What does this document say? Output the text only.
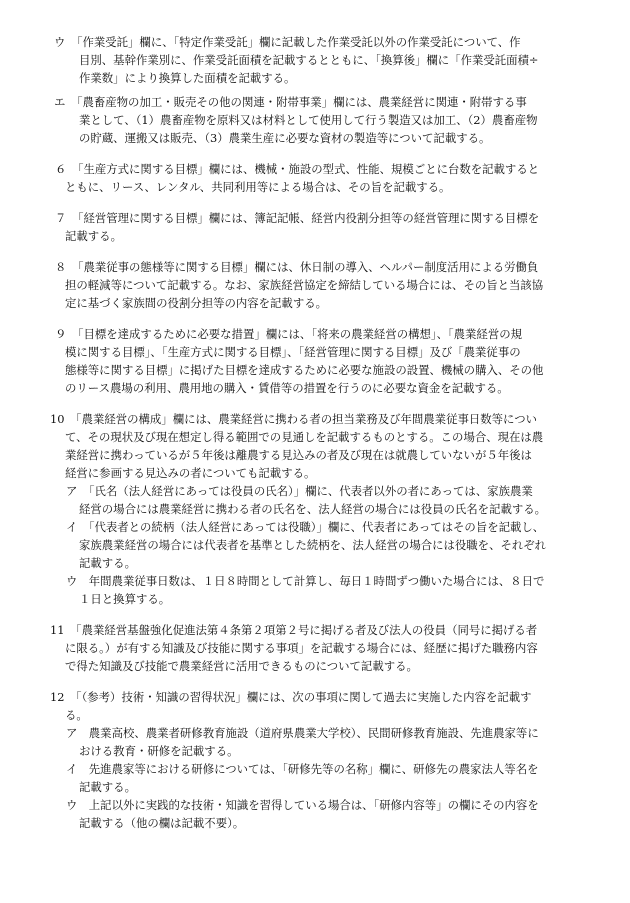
ウ　「作業受託」欄に、「特定作業受託」欄に記載した作業受託以外の作業受託について、作
目別、基幹作業別に、作業受託面積を記載するとともに、「換算後」欄に「作業受託面積÷
作業数」により換算した面積を記載する。
エ　「農畜産物の加工・販売その他の関連・附帯事業」欄には、農業経営に関連・附帯する事
業として、（1）農畜産物を原料又は材料として使用して行う製造又は加工、（2）農畜産物
の貯蔵、運搬又は販売、（3）農業生産に必要な資材の製造等について記載する。
６　「生産方式に関する目標」欄には、機械・施設の型式、性能、規模ごとに台数を記載すると
ともに、リース、レンタル、共同利用等による場合は、その旨を記載する。
７　「経営管理に関する目標」欄には、簿記記帳、経営内役割分担等の経営管理に関する目標を
記載する。
８　「農業従事の態様等に関する目標」欄には、休日制の導入、ヘルパー制度活用による労働負
担の軽減等について記載する。なお、家族経営協定を締結している場合には、その旨と当該協
定に基づく家族間の役割分担等の内容を記載する。
９　「目標を達成するために必要な措置」欄には、「将来の農業経営の構想」、「農業経営の規
模に関する目標」、「生産方式に関する目標」、「経営管理に関する目標」及び「農業従事の
態様等に関する目標」に掲げた目標を達成するために必要な施設の設置、機械の購入、その他
のリース農場の利用、農用地の購入・賃借等の措置を行うのに必要な資金を記載する。
10　「農業経営の構成」欄には、農業経営に携わる者の担当業務及び年間農業従事日数等につい
て、その現状及び現在想定し得る範囲での見通しを記載するものとする。この場合、現在は農
業経営に携わっているが５年後は離農する見込みの者及び現在は就農していないが５年後は
経営に参画する見込みの者についても記載する。
ア　「氏名（法人経営にあっては役員の氏名）」欄に、代表者以外の者にあっては、家族農業
経営の場合には農業経営に携わる者の氏名を、法人経営の場合には役員の氏名を記載する。
イ　「代表者との続柄（法人経営にあっては役職）」欄に、代表者にあってはその旨を記載し、
家族農業経営の場合には代表者を基準とした続柄を、法人経営の場合には役職を、それぞれ
記載する。
ウ　年間農業従事日数は、１日８時間として計算し、毎日１時間ずつ働いた場合には、８日で
１日と換算する。
11　「農業経営基盤強化促進法第４条第２項第２号に掲げる者及び法人の役員（同号に掲げる者
に限る。）が有する知識及び技能に関する事項」を記載する場合には、経歴に掲げた職務内容
で得た知識及び技能で農業経営に活用できるものについて記載する。
12　「（参考）技術・知識の習得状況」欄には、次の事項に関して過去に実施した内容を記載す
る。
ア　農業高校、農業者研修教育施設（道府県農業大学校）、民間研修教育施設、先進農家等に
おける教育・研修を記載する。
イ　先進農家等における研修については、「研修先等の名称」欄に、研修先の農家法人等名を
記載する。
ウ　上記以外に実践的な技術・知識を習得している場合は、「研修内容等」の欄にその内容を
記載する（他の欄は記載不要）。
